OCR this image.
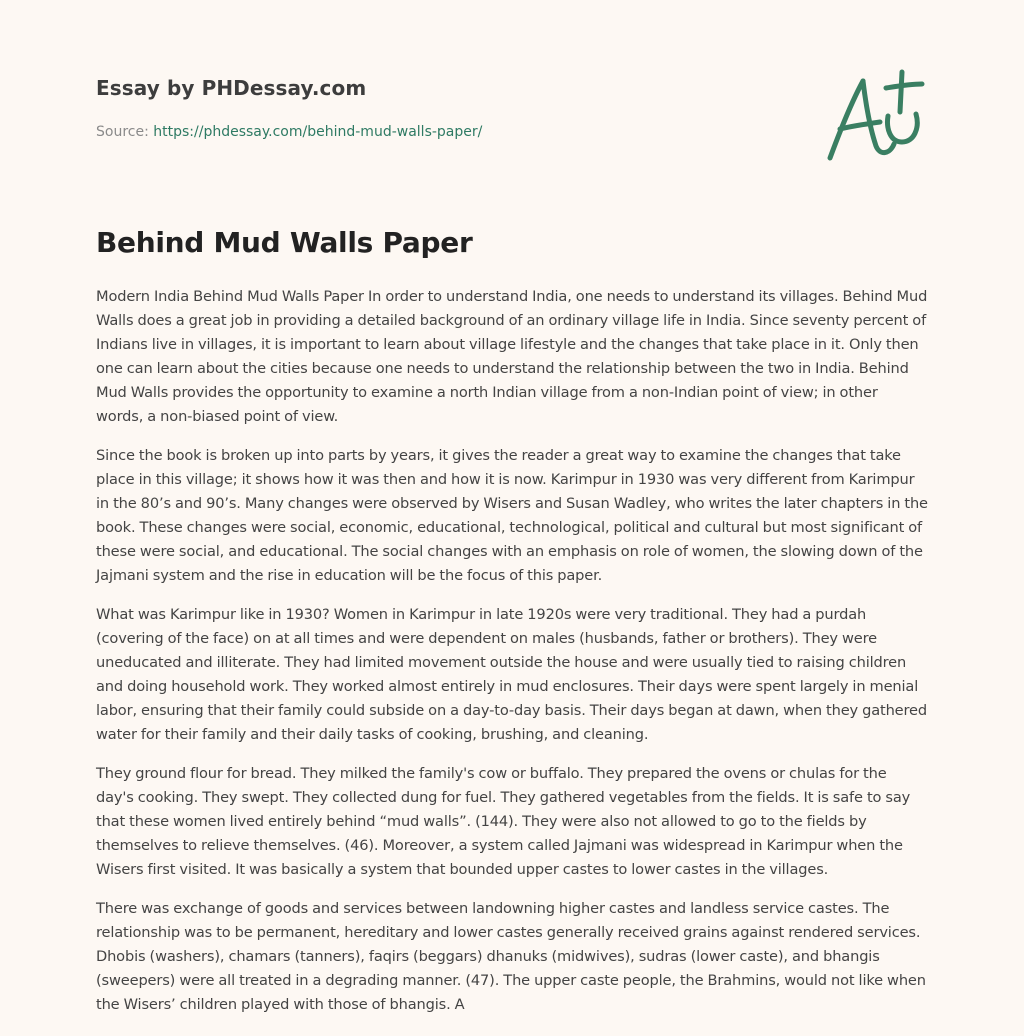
Essay by PHDessay.com
Source: https://phdessay.com/behind-mud-walls-paper/
Behind Mud Walls Paper

Modern India Behind Mud Walls Paper In order to understand India, one needs to understand its villages. Behind Mud Walls does a great job in providing a detailed background of an ordinary village life in India. Since seventy percent of Indians live in villages, it is important to learn about village lifestyle and the changes that take place in it. Only then one can learn about the cities because one needs to understand the relationship between the two in India. Behind Mud Walls provides the opportunity to examine a north Indian village from a non-Indian point of view; in other words, a non-biased point of view.

Since the book is broken up into parts by years, it gives the reader a great way to examine the changes that take place in this village; it shows how it was then and how it is now. Karimpur in 1930 was very different from Karimpur in the 80’s and 90’s. Many changes were observed by Wisers and Susan Wadley, who writes the later chapters in the book. These changes were social, economic, educational, technological, political and cultural but most significant of these were social, and educational. The social changes with an emphasis on role of women, the slowing down of the Jajmani system and the rise in education will be the focus of this paper.

What was Karimpur like in 1930? Women in Karimpur in late 1920s were very traditional. They had a purdah (covering of the face) on at all times and were dependent on males (husbands, father or brothers). They were uneducated and illiterate. They had limited movement outside the house and were usually tied to raising children and doing household work. They worked almost entirely in mud enclosures. Their days were spent largely in menial labor, ensuring that their family could subside on a day-to-day basis. Their days began at dawn, when they gathered water for their family and their daily tasks of cooking, brushing, and cleaning.

They ground flour for bread. They milked the family's cow or buffalo. They prepared the ovens or chulas for the day's cooking. They swept. They collected dung for fuel. They gathered vegetables from the fields. It is safe to say that these women lived entirely behind “mud walls”. (144). They were also not allowed to go to the fields by themselves to relieve themselves. (46). Moreover, a system called Jajmani was widespread in Karimpur when the Wisers first visited. It was basically a system that bounded upper castes to lower castes in the villages.

There was exchange of goods and services between landowning higher castes and landless service castes. The relationship was to be permanent, hereditary and lower castes generally received grains against rendered services. Dhobis (washers), chamars (tanners), faqirs (beggars) dhanuks (midwives), sudras (lower caste), and bhangis (sweepers) were all treated in a degrading manner. (47). The upper caste people, the Brahmins, would not like when the Wisers’ children played with those of bhangis. A
